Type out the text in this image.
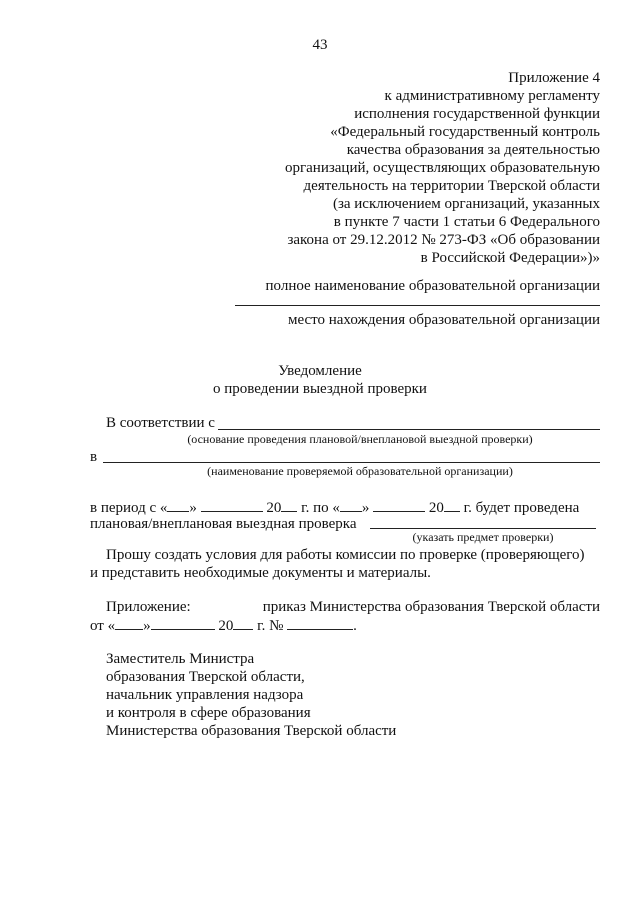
43
Приложение 4
к административному регламенту
исполнения государственной функции
«Федеральный государственный контроль
качества образования за деятельностью
организаций, осуществляющих образовательную
деятельность на территории Тверской области
(за исключением организаций, указанных
в пункте 7 части 1 статьи 6 Федерального
закона от 29.12.2012 № 273-ФЗ «Об образовании
в Российской Федерации»)»
полное наименование образовательной организации
место нахождения образовательной организации
Уведомление
о проведении выездной проверки
В соответствии с
(основание проведения плановой/внеплановой выездной проверки)
в
(наименование проверяемой образовательной организации)
в период с « »	20 г. по « »	20 г. будет проведена
плановая/внеплановая выездная проверка
(указать предмет проверки)
Прошу создать условия для работы комиссии по проверке (проверяющего)
и представить необходимые документы и материалы.
Приложение:	приказ Министерства образования Тверской области
от « »	20 г. №	.
Заместитель Министра
образования Тверской области,
начальник управления надзора
и контроля в сфере образования
Министерства образования Тверской области
